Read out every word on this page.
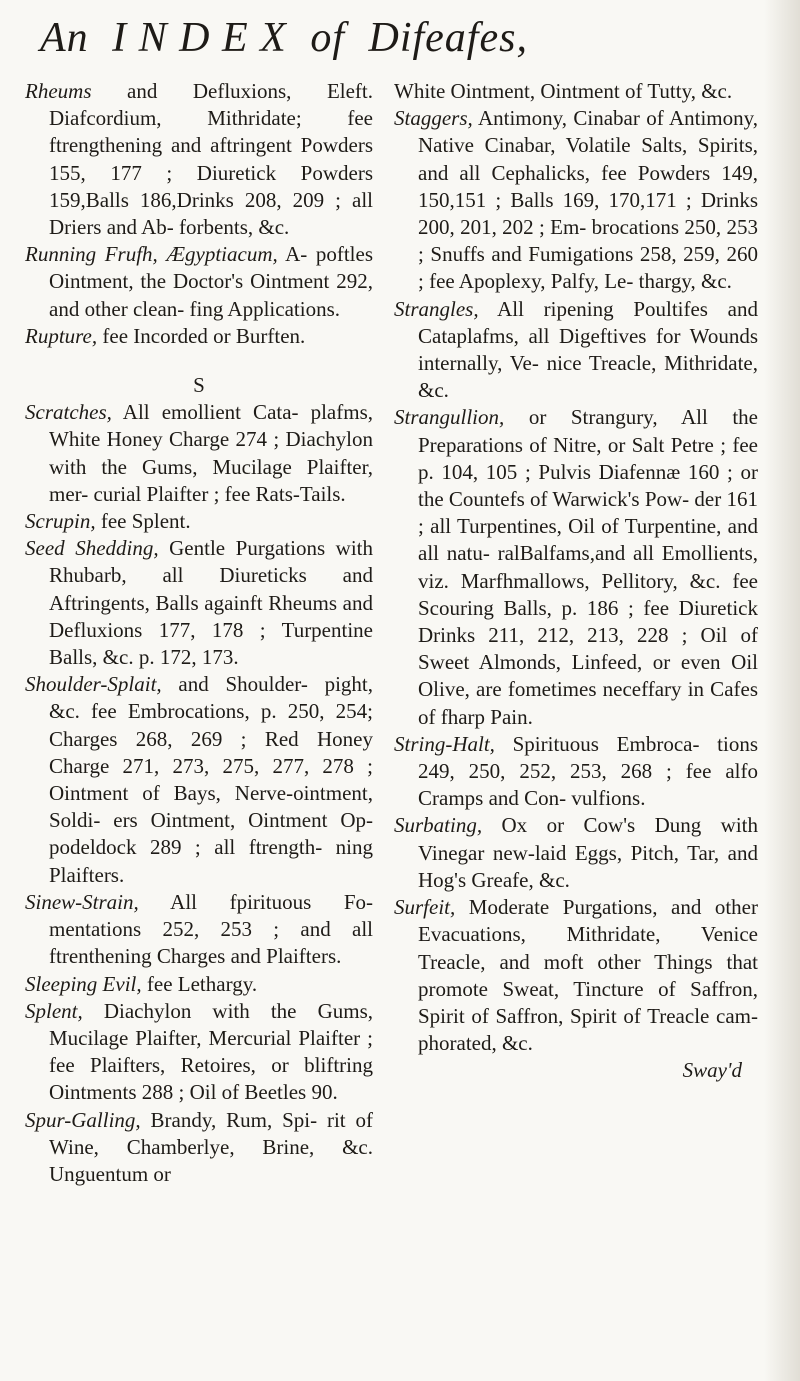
An I N D E X of Difeafes,

Rheums and Defluxions, Eleft. Diafcordium, Mithridate; fee ftrengthening and aftringent Powders 155, 177 ; Diuretick Powders 159,Balls 186,Drinks 208, 209 ; all Driers and Ab- forbents, &c.

Running Frufh, Ægyptiacum, A- poftles Ointment, the Doctor's Ointment 292, and other clean- fing Applications.

Rupture, fee Incorded or Burften.

S

Scratches, All emollient Cata- plafms, White Honey Charge 274 ; Diachylon with the Gums, Mucilage Plaifter, mer- curial Plaifter ; fee Rats-Tails.

Scrupin, fee Splent.

Seed Shedding, Gentle Purgations with Rhubarb, all Diureticks and Aftringents, Balls againft Rheums and Defluxions 177, 178 ; Turpentine Balls, &c. p. 172, 173.

Shoulder-Splait, and Shoulder- pight, &c. fee Embrocations, p. 250, 254; Charges 268, 269 ; Red Honey Charge 271, 273, 275, 277, 278 ; Ointment of Bays, Nerve-ointment, Soldi- ers Ointment, Ointment Op- podeldock 289 ; all ftrength- ning Plaifters.

Sinew-Strain, All fpirituous Fo- mentations 252, 253 ; and all ftrenthening Charges and Plaifters.

Sleeping Evil, fee Lethargy.

Splent, Diachylon with the Gums, Mucilage Plaifter, Mercurial Plaifter ; fee Plaifters, Retoires, or bliftring Ointments 288 ; Oil of Beetles 90.

Spur-Galling, Brandy, Rum, Spi- rit of Wine, Chamberlye, Brine, &c. Unguentum or

White Ointment, Ointment of Tutty, &c.

Staggers, Antimony, Cinabar of Antimony, Native Cinabar, Volatile Salts, Spirits, and all Cephalicks, fee Powders 149, 150,151 ; Balls 169, 170,171 ; Drinks 200, 201, 202 ; Em- brocations 250, 253 ; Snuffs and Fumigations 258, 259, 260 ; fee Apoplexy, Palfy, Le- thargy, &c.

Strangles, All ripening Poultifes and Cataplafms, all Digeftives for Wounds internally, Ve- nice Treacle, Mithridate, &c.

Strangullion, or Strangury, All the Preparations of Nitre, or Salt Petre ; fee p. 104, 105 ; Pulvis Diafennæ 160 ; or the Countefs of Warwick's Pow- der 161 ; all Turpentines, Oil of Turpentine, and all natu- ralBalfams,and all Emollients, viz. Marfhmallows, Pellitory, &c. fee Scouring Balls, p. 186 ; fee Diuretick Drinks 211, 212, 213, 228 ; Oil of Sweet Almonds, Linfeed, or even Oil Olive, are fometimes neceffary in Cafes of fharp Pain.

String-Halt, Spirituous Embroca- tions 249, 250, 252, 253, 268 ; fee alfo Cramps and Con- vulfions.

Surbating, Ox or Cow's Dung with Vinegar new-laid Eggs, Pitch, Tar, and Hog's Greafe, &c.

Surfeit, Moderate Purgations, and other Evacuations, Mithridate, Venice Treacle, and moft other Things that promote Sweat, Tincture of Saffron, Spirit of Saffron, Spirit of Treacle cam- phorated, &c.

Sway'd
